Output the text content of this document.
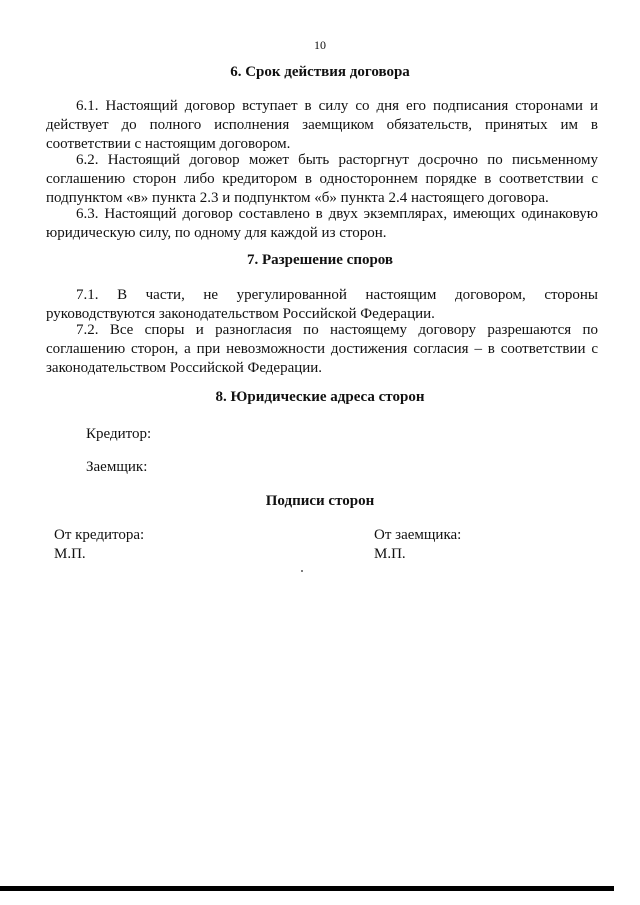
10
6. Срок действия договора

6.1. Настоящий договор вступает в силу со дня его подписания сторонами и действует до полного исполнения заемщиком обязательств, принятых им в соответствии с настоящим договором.

6.2. Настоящий договор может быть расторгнут досрочно по письменному соглашению сторон либо кредитором в одностороннем порядке в соответствии с подпунктом «в» пункта 2.3 и подпунктом «б» пункта 2.4 настоящего договора.

6.3. Настоящий договор составлено в двух экземплярах, имеющих одинаковую юридическую силу, по одному для каждой из сторон.

7. Разрешение споров

7.1. В части, не урегулированной настоящим договором, стороны руководствуются законодательством Российской Федерации.

7.2. Все споры и разногласия по настоящему договору разрешаются по соглашению сторон, а при невозможности достижения согласия – в соответствии с законодательством Российской Федерации.

8. Юридические адреса сторон
Кредитор:
Заемщик:
Подписи сторон
От кредитора:
М.П.
От заемщика:
М.П.
